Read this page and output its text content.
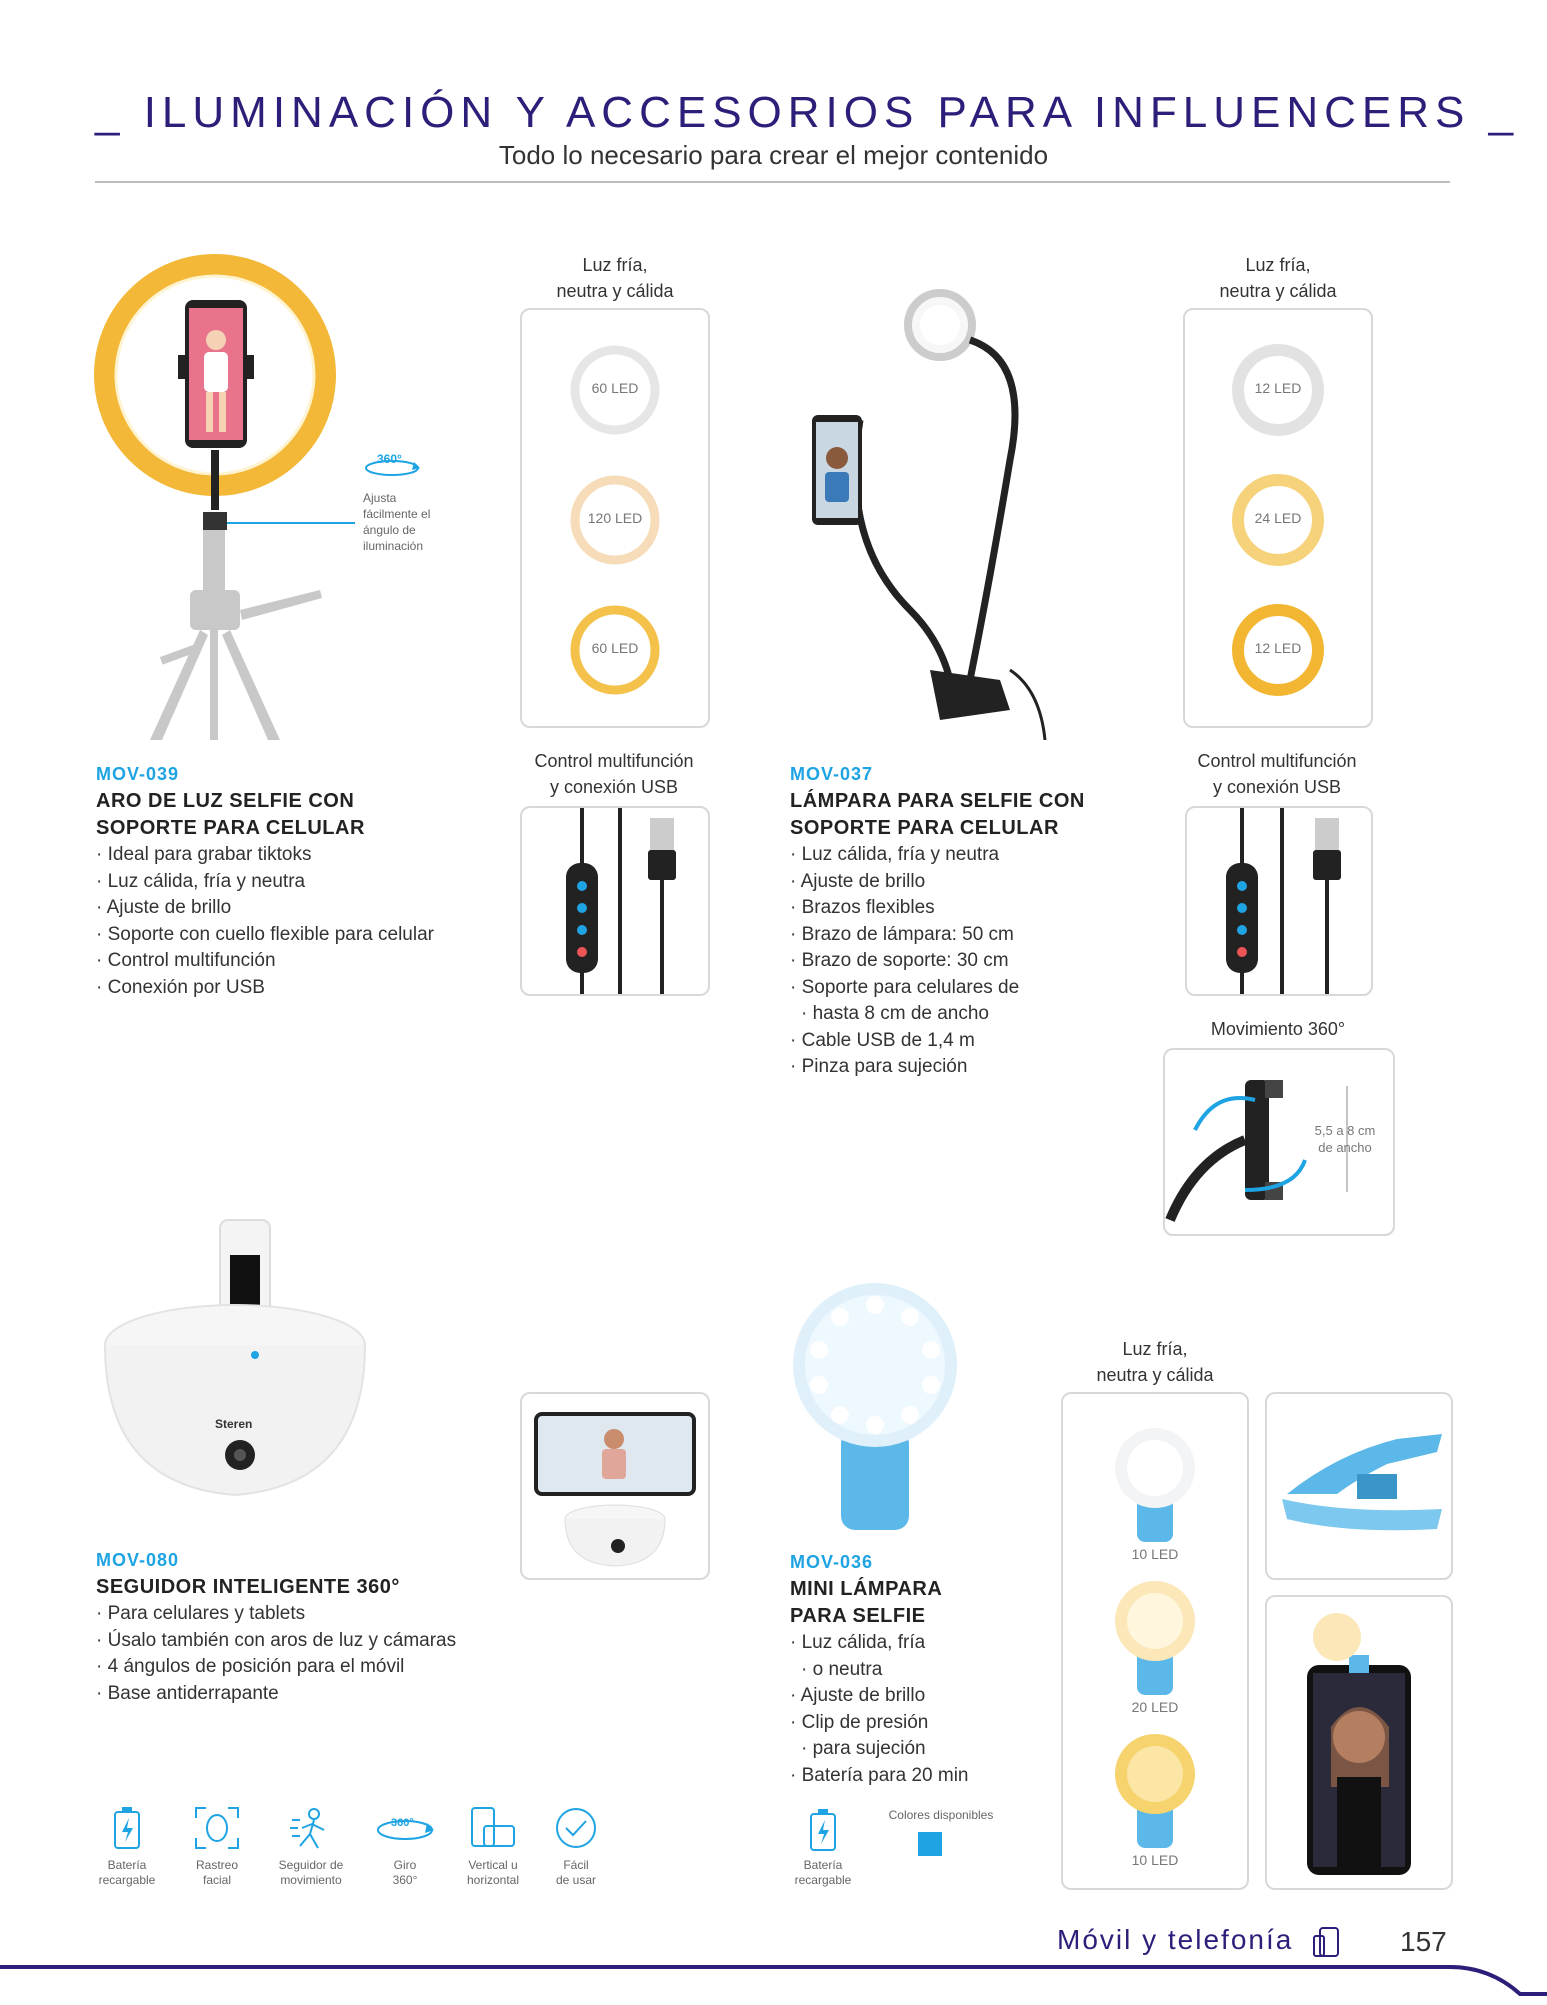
_ ILUMINACIÓN Y ACCESORIOS PARA INFLUENCERS _
Todo lo necesario para crear el mejor contenido
360°
Ajusta
fácilmente el
ángulo de
iluminación
Luz fría,
neutra y cálida
60 LED
120 LED
60 LED
Control multifunción
y conexión USB
MOV-039
ARO DE LUZ SELFIE CON
SOPORTE PARA CELULAR
· Ideal para grabar tiktoks
· Luz cálida, fría y neutra
· Ajuste de brillo
· Soporte con cuello flexible para celular
· Control multifunción
· Conexión por USB
Luz fría,
neutra y cálida
12 LED
24 LED
12 LED
Control multifunción
y conexión USB
Movimiento 360°
5,5 a 8 cm
de ancho
MOV-037
LÁMPARA PARA SELFIE CON
SOPORTE PARA CELULAR
· Luz cálida, fría y neutra
· Ajuste de brillo
· Brazos flexibles
· Brazo de lámpara: 50 cm
· Brazo de soporte: 30 cm
· Soporte para celulares de
· hasta 8 cm de ancho
· Cable USB de 1,4 m
· Pinza para sujeción
Steren
MOV-080
SEGUIDOR INTELIGENTE 360°
· Para celulares y tablets
· Úsalo también con aros de luz y cámaras
· 4 ángulos de posición para el móvil
· Base antiderrapante
Batería
recargable
Rastreo
facial
Seguidor de
movimiento
360°
Giro
360°
Vertical u
horizontal
Fácil
de usar
Luz fría,
neutra y cálida
10 LED
20 LED
10 LED
MOV-036
MINI LÁMPARA
PARA SELFIE
· Luz cálida, fría
· o neutra
· Ajuste de brillo
· Clip de presión
· para sujeción
· Batería para 20 min
Batería
recargable
Colores disponibles
Móvil y telefonía	157
